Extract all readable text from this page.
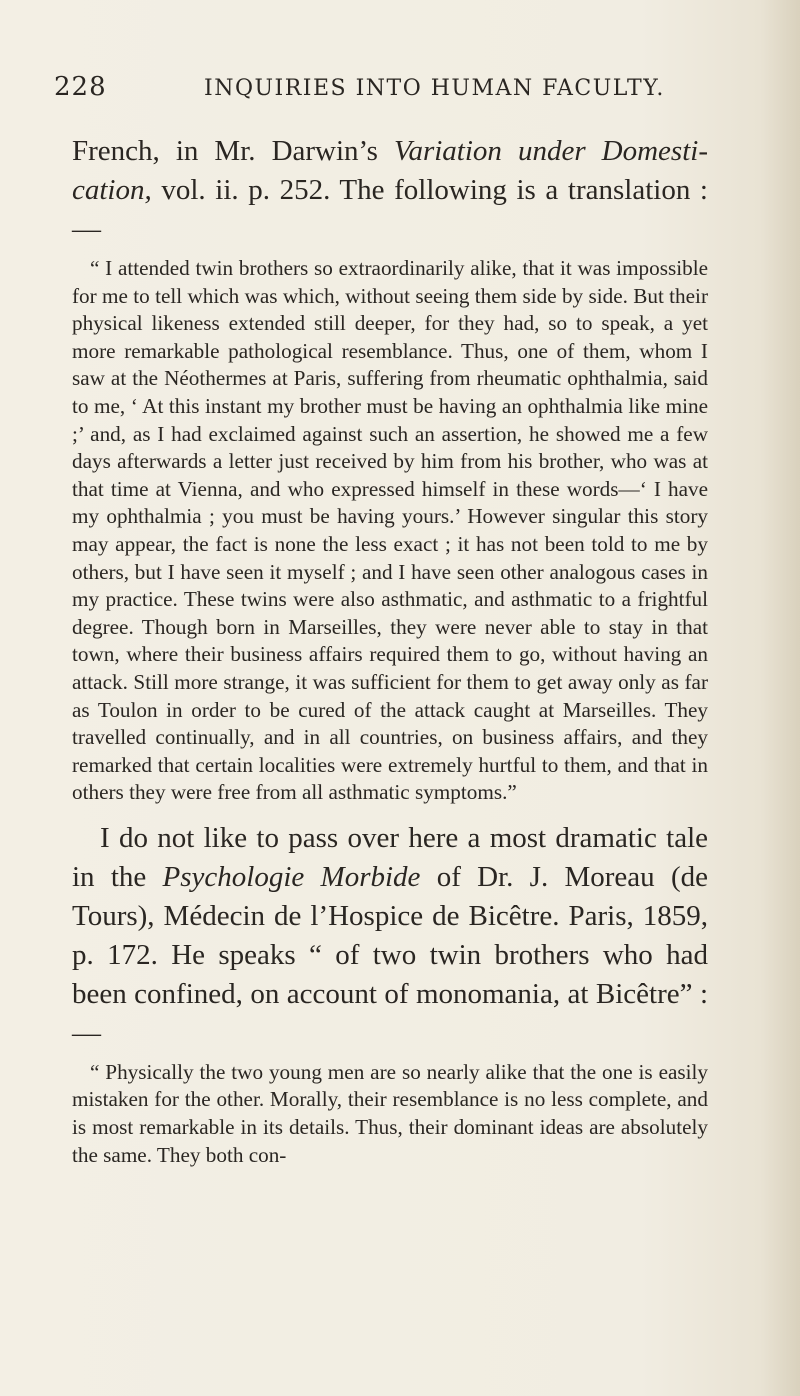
228	INQUIRIES INTO HUMAN FACULTY.

French, in Mr. Darwin’s Variation under Domestication, vol. ii. p. 252. The following is a translation :—

“ I attended twin brothers so extraordinarily alike, that it was impossible for me to tell which was which, without seeing them side by side. But their physical likeness extended still deeper, for they had, so to speak, a yet more remarkable pathological resemblance. Thus, one of them, whom I saw at the Néothermes at Paris, suffering from rheumatic ophthalmia, said to me, ‘ At this instant my brother must be having an ophthalmia like mine ;’ and, as I had exclaimed against such an assertion, he showed me a few days afterwards a letter just received by him from his brother, who was at that time at Vienna, and who expressed himself in these words—‘ I have my ophthalmia ; you must be having yours.’ However singular this story may appear, the fact is none the less exact ; it has not been told to me by others, but I have seen it myself ; and I have seen other analogous cases in my practice. These twins were also asthmatic, and asthmatic to a frightful degree. Though born in Marseilles, they were never able to stay in that town, where their business affairs required them to go, without having an attack. Still more strange, it was sufficient for them to get away only as far as Toulon in order to be cured of the attack caught at Marseilles. They travelled continually, and in all countries, on business affairs, and they remarked that certain localities were extremely hurtful to them, and that in others they were free from all asthmatic symptoms.”

I do not like to pass over here a most dramatic tale in the Psychologie Morbide of Dr. J. Moreau (de Tours), Médecin de l’Hospice de Bicêtre. Paris, 1859, p. 172. He speaks “ of two twin brothers who had been confined, on account of monomania, at Bicêtre” :—

“ Physically the two young men are so nearly alike that the one is easily mistaken for the other. Morally, their resemblance is no less complete, and is most remarkable in its details. Thus, their dominant ideas are absolutely the same. They both con-
